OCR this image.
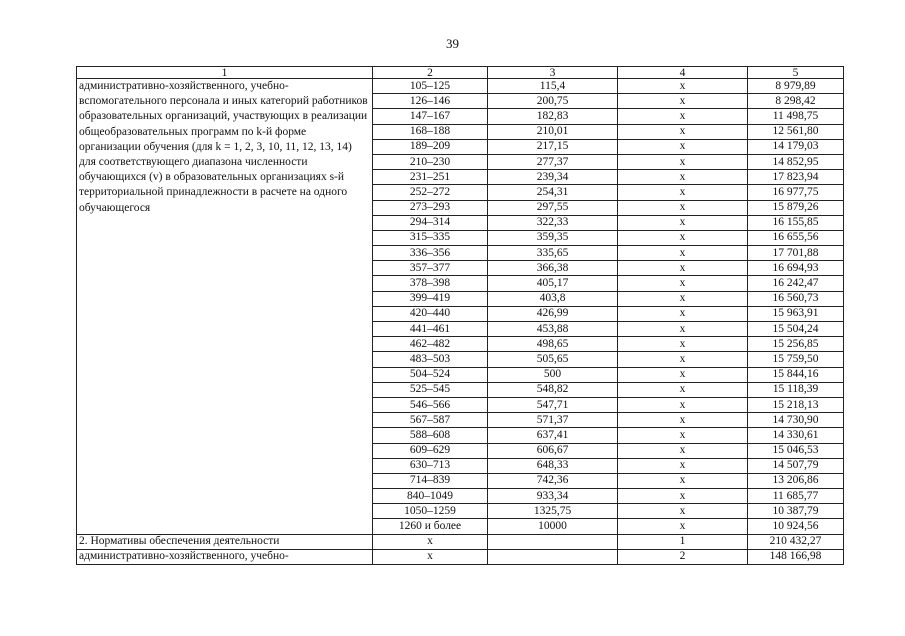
39
1	2	3	4	5
административно-хозяйственного, учебно-вспомогательного персонала и иных категорий работников образовательных организаций, участвующих в реализации общеобразовательных программ по k-й форме организации обучения (для k = 1, 2, 3, 10, 11, 12, 13, 14) для соответствующего диапазона численности обучающихся (v) в образовательных организациях s-й территориальной принадлежности в расчете на одного обучающегося	105–125	115,4	x	8 979,89
	126–146	200,75	x	8 298,42
	147–167	182,83	x	11 498,75
	168–188	210,01	x	12 561,80
	189–209	217,15	x	14 179,03
	210–230	277,37	x	14 852,95
	231–251	239,34	x	17 823,94
	252–272	254,31	x	16 977,75
	273–293	297,55	x	15 879,26
	294–314	322,33	x	16 155,85
	315–335	359,35	x	16 655,56
	336–356	335,65	x	17 701,88
	357–377	366,38	x	16 694,93
	378–398	405,17	x	16 242,47
	399–419	403,8	x	16 560,73
	420–440	426,99	x	15 963,91
	441–461	453,88	x	15 504,24
	462–482	498,65	x	15 256,85
	483–503	505,65	x	15 759,50
	504–524	500	x	15 844,16
	525–545	548,82	x	15 118,39
	546–566	547,71	x	15 218,13
	567–587	571,37	x	14 730,90
	588–608	637,41	x	14 330,61
	609–629	606,67	x	15 046,53
	630–713	648,33	x	14 507,79
	714–839	742,36	x	13 206,86
	840–1049	933,34	x	11 685,77
	1050–1259	1325,75	x	10 387,79
	1260 и более	10000	x	10 924,56
2. Нормативы обеспечения деятельности	x		1	210 432,27
административно-хозяйственного, учебно-	x		2	148 166,98
